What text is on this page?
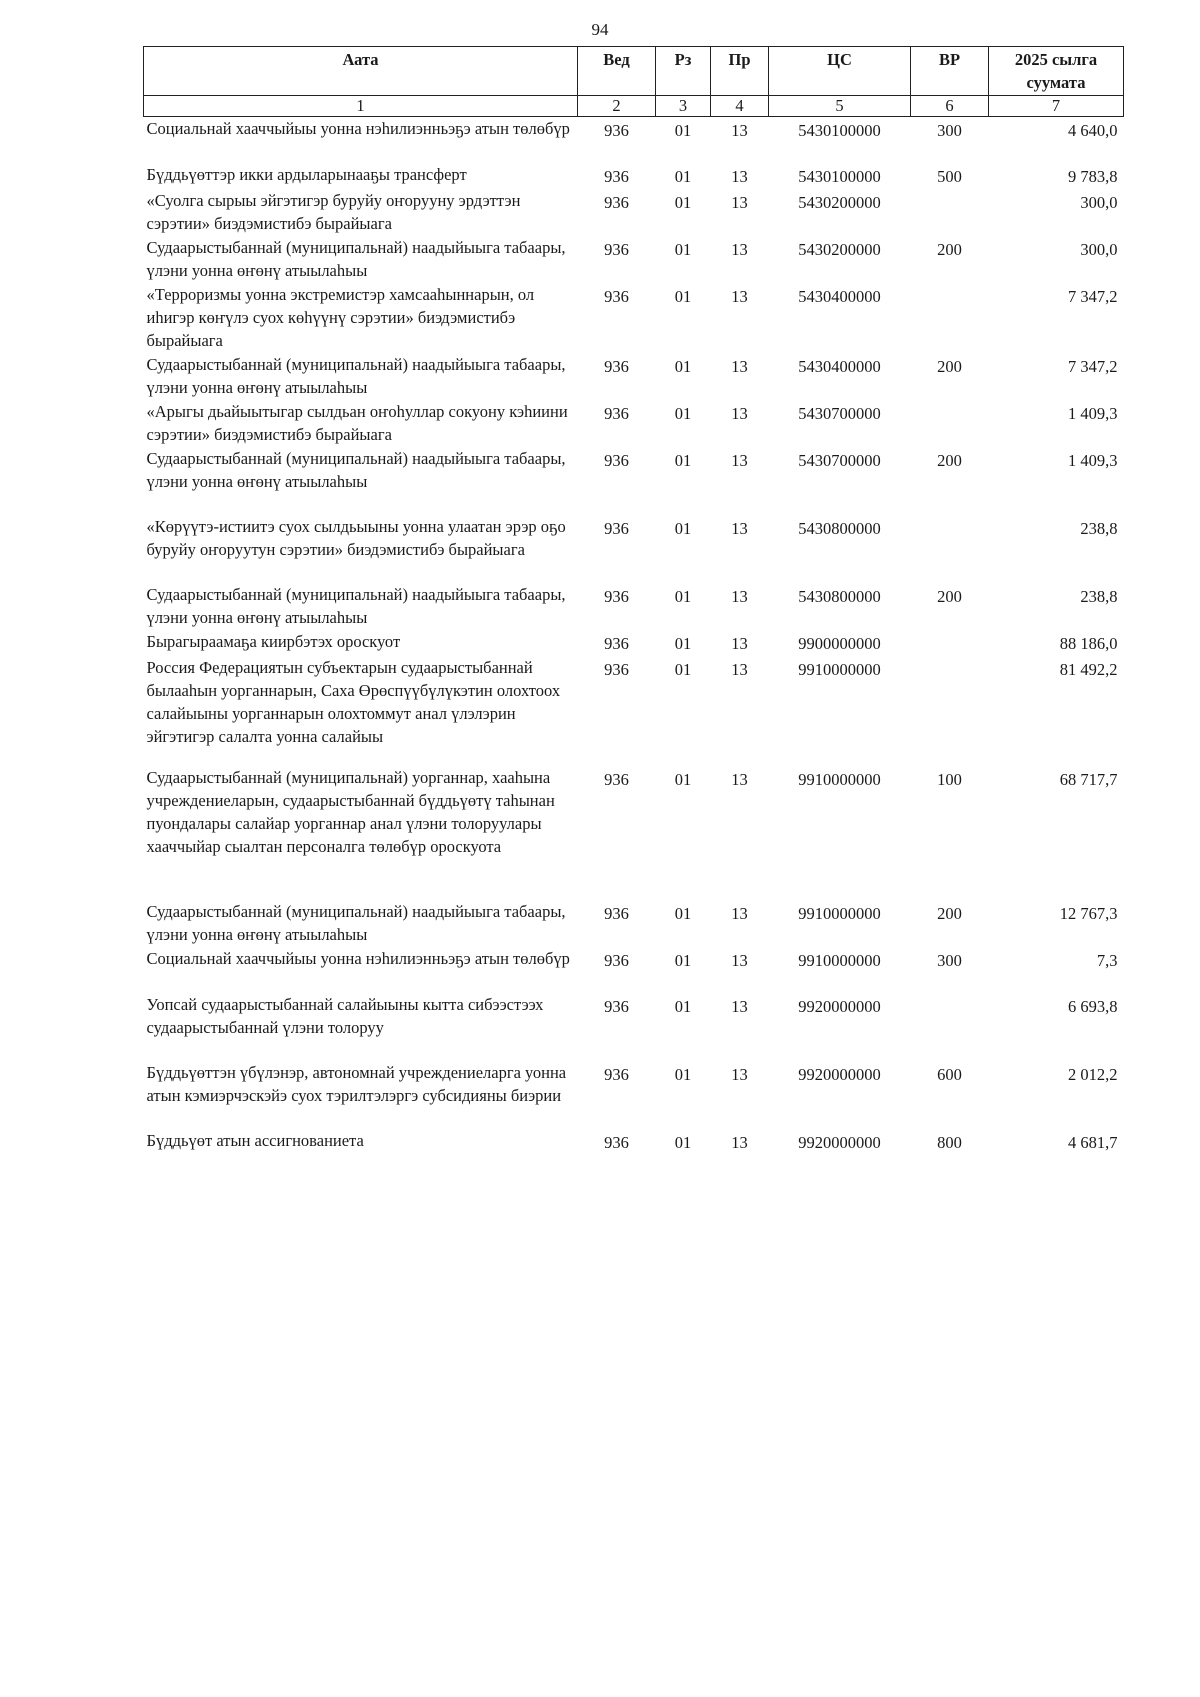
94
Аата	Вед	Рз	Пр	ЦС	ВР	2025 сылга суумата
1	2	3	4	5	6	7

Социальнай хааччыйыы уонна нэһилиэнньэҕэ атын төлөбүр	936	01	13	5430100000	300	4 640,0

Бүддьүөттэр икки ардыларынааҕы трансферт	936	01	13	5430100000	500	9 783,8

«Суолга сырыы эйгэтигэр буруйу оҥорууну эрдэттэн сэрэтии» биэдэмистибэ бырайыага	936	01	13	5430200000		300,0

Судаарыстыбаннай (муниципальнай) наадыйыыга табаары, үлэни уонна өҥөнү атыылаһыы	936	01	13	5430200000	200	300,0

«Терроризмы уонна экстремистэр хамсааһыннарын, ол иһигэр көҥүлэ суох көһүүнү сэрэтии» биэдэмистибэ бырайыага	936	01	13	5430400000		7 347,2

Судаарыстыбаннай (муниципальнай) наадыйыыга табаары, үлэни уонна өҥөнү атыылаһыы	936	01	13	5430400000	200	7 347,2

«Арыгы дьайыытыгар сылдьан оҥоһуллар сокуону кэһиини сэрэтии» биэдэмистибэ бырайыага	936	01	13	5430700000		1 409,3

Судаарыстыбаннай (муниципальнай) наадыйыыга табаары, үлэни уонна өҥөнү атыылаһыы	936	01	13	5430700000	200	1 409,3

«Көрүүтэ-истиитэ суох сылдьыыны уонна улаатан эрэр оҕо буруйу оҥоруутун сэрэтии» биэдэмистибэ бырайыага	936	01	13	5430800000		238,8

Судаарыстыбаннай (муниципальнай) наадыйыыга табаары, үлэни уонна өҥөнү атыылаһыы	936	01	13	5430800000	200	238,8

Бырагыраамаҕа киирбэтэх ороскуот	936	01	13	9900000000		88 186,0

Россия Федерациятын субъектарын судаарыстыбаннай былааһын уорганнарын, Саха Өрөспүүбүлүкэтин олохтоох салайыыны уорганнарын олохтоммут анал үлэлэрин эйгэтигэр салалта уонна салайыы	936	01	13	9910000000		81 492,2

Судаарыстыбаннай (муниципальнай) уорганнар, хааһына учреждениеларын, судаарыстыбаннай бүддьүөтү таһынан пуондалары салайар уорганнар анал үлэни толоруулары хааччыйар сыалтан персоналга төлөбүр ороскуота	936	01	13	9910000000	100	68 717,7

Судаарыстыбаннай (муниципальнай) наадыйыыга табаары, үлэни уонна өҥөнү атыылаһыы	936	01	13	9910000000	200	12 767,3

Социальнай хааччыйыы уонна нэһилиэнньэҕэ атын төлөбүр	936	01	13	9910000000	300	7,3

Уопсай судаарыстыбаннай салайыыны кытта сибээстээх судаарыстыбаннай үлэни толоруу	936	01	13	9920000000		6 693,8

Бүддьүөттэн үбүлэнэр, автономнай учреждениеларга уонна атын кэмиэрчэскэйэ суох тэрилтэлэргэ субсидияны биэрии	936	01	13	9920000000	600	2 012,2

Бүддьүөт атын ассигнованиета	936	01	13	9920000000	800	4 681,7
